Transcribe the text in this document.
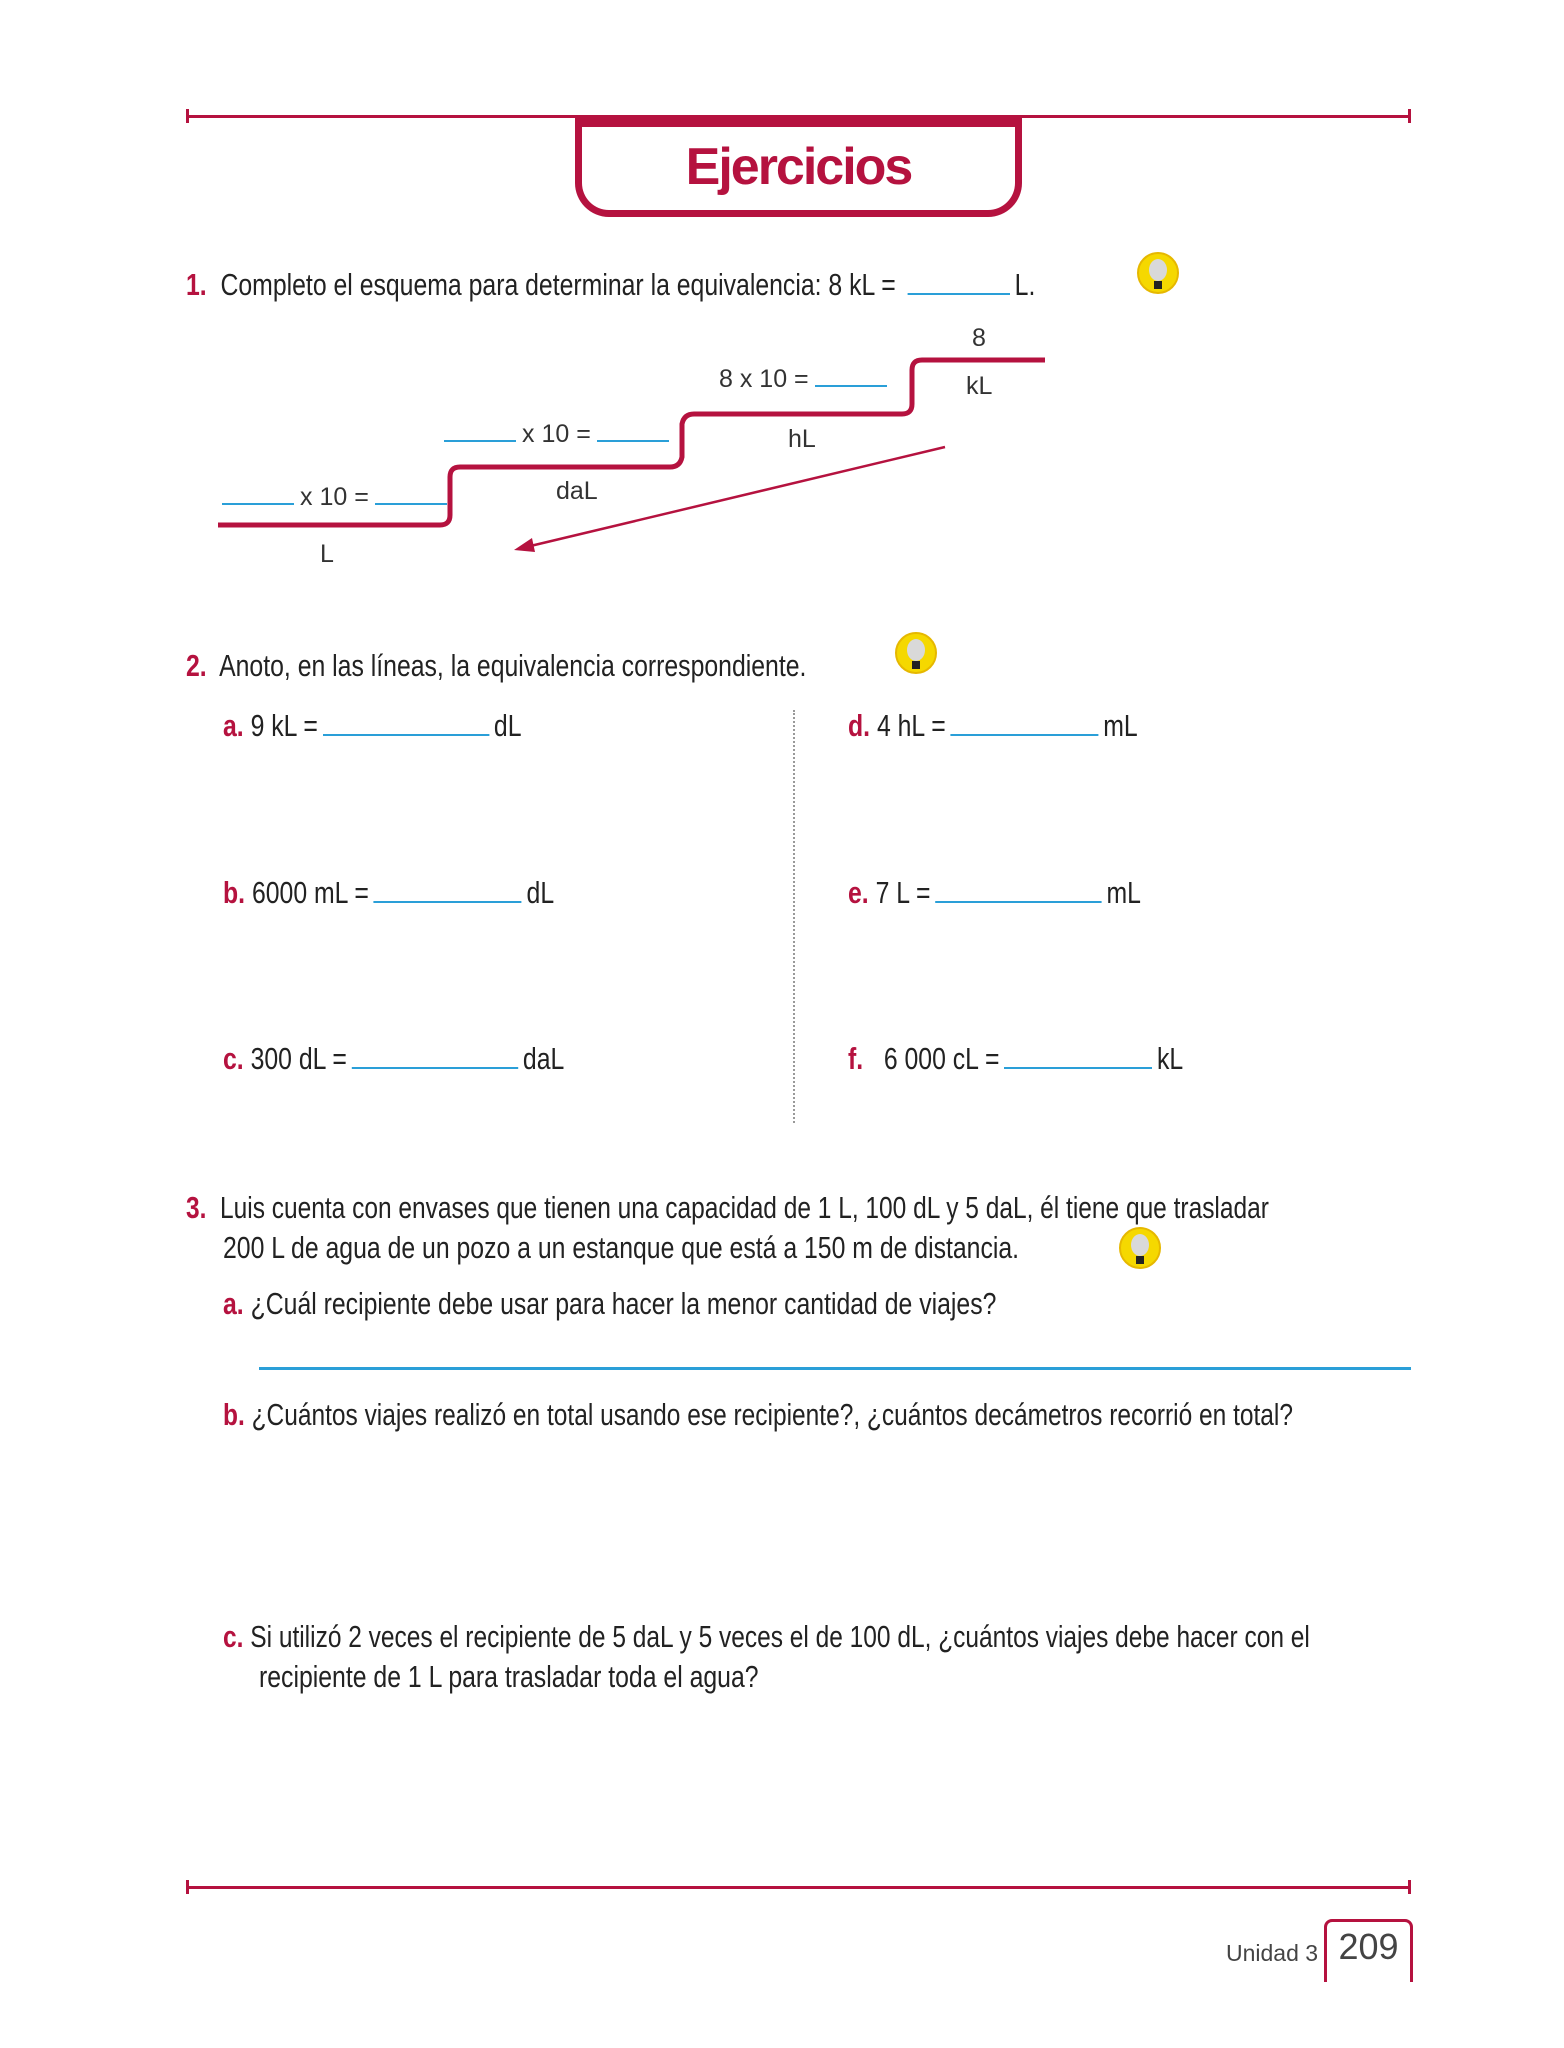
Ejercicios
1. Completo el esquema para determinar la equivalencia: 8 kL =	L.
L
daL
hL
kL
8
x 10 =
x 10 =
8 x 10 =
2. Anoto, en las líneas, la equivalencia correspondiente.
a. 9 kL =	dL
b. 6000 mL =	dL
c. 300 dL =	daL
d. 4 hL =	mL
e. 7 L =	mL
f. 6 000 cL =	kL
3. Luis cuenta con envases que tienen una capacidad de 1 L, 100 dL y 5 daL, él tiene que trasladar
200 L de agua de un pozo a un estanque que está a 150 m de distancia.
a. ¿Cuál recipiente debe usar para hacer la menor cantidad de viajes?
b. ¿Cuántos viajes realizó en total usando ese recipiente?, ¿cuántos decámetros recorrió en total?
c. Si utilizó 2 veces el recipiente de 5 daL y 5 veces el de 100 dL, ¿cuántos viajes debe hacer con el
recipiente de 1 L para trasladar toda el agua?
Unidad 3 209
